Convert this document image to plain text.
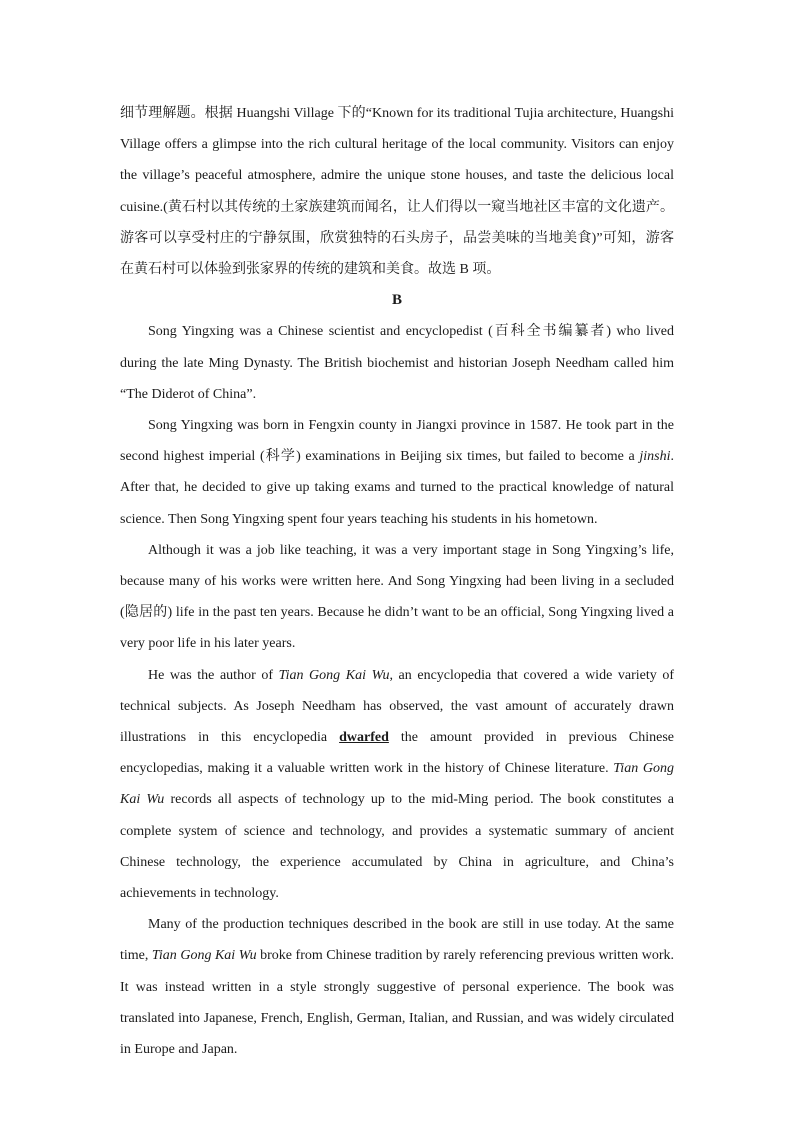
细节理解题。根据 Huangshi Village 下的“Known for its traditional Tujia architecture, Huangshi Village offers a glimpse into the rich cultural heritage of the local community. Visitors can enjoy the village’s peaceful atmosphere, admire the unique stone houses, and taste the delicious local cuisine.(黄石村以其传统的土家族建筑而闻名，让人们得以一窥当地社区丰富的文化遗产。游客可以享受村庄的宁静氛围，欣赏独特的石头房子，品尝美味的当地美食)”可知，游客在黄石村可以体验到张家界的传统的建筑和美食。故选 B 项。

B

Song Yingxing was a Chinese scientist and encyclopedist (百科全书编纂者) who lived during the late Ming Dynasty. The British biochemist and historian Joseph Needham called him “The Diderot of China”.

Song Yingxing was born in Fengxin county in Jiangxi province in 1587. He took part in the second highest imperial (科学) examinations in Beijing six times, but failed to become a jinshi. After that, he decided to give up taking exams and turned to the practical knowledge of natural science. Then Song Yingxing spent four years teaching his students in his hometown.

Although it was a job like teaching, it was a very important stage in Song Yingxing’s life, because many of his works were written here. And Song Yingxing had been living in a secluded (隐居的) life in the past ten years. Because he didn’t want to be an official, Song Yingxing lived a very poor life in his later years.

He was the author of Tian Gong Kai Wu, an encyclopedia that covered a wide variety of technical subjects. As Joseph Needham has observed, the vast amount of accurately drawn illustrations in this encyclopedia dwarfed the amount provided in previous Chinese encyclopedias, making it a valuable written work in the history of Chinese literature. Tian Gong Kai Wu records all aspects of technology up to the mid-Ming period. The book constitutes a complete system of science and technology, and provides a systematic summary of ancient Chinese technology, the experience accumulated by China in agriculture, and China’s achievements in technology.

Many of the production techniques described in the book are still in use today. At the same time, Tian Gong Kai Wu broke from Chinese tradition by rarely referencing previous written work. It was instead written in a style strongly suggestive of personal experience. The book was translated into Japanese, French, English, German, Italian, and Russian, and was widely circulated in Europe and Japan.
